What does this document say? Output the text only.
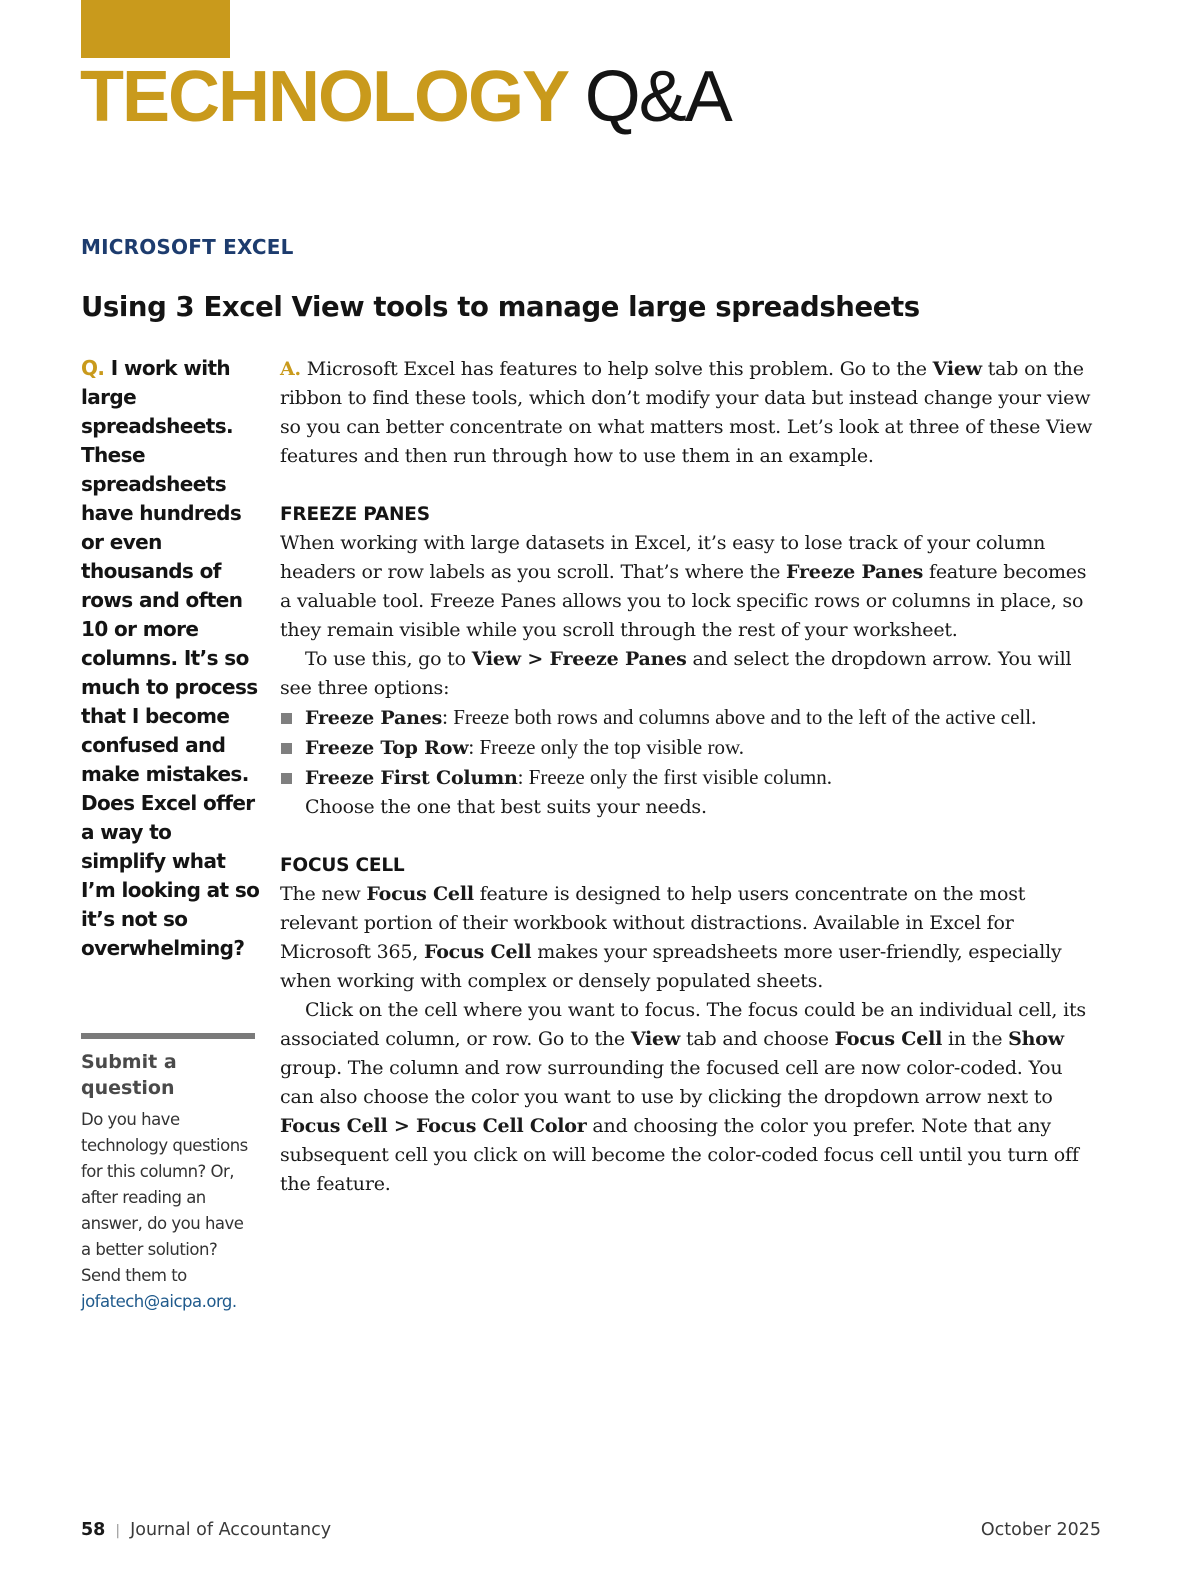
TECHNOLOGY Q&A
MICROSOFT EXCEL
Using 3 Excel View tools to manage large spreadsheets
Q. I work with large spreadsheets. These spreadsheets have hundreds or even thousands of rows and often 10 or more columns. It’s so much to process that I become confused and make mistakes. Does Excel offer a way to simplify what I’m looking at so it’s not so overwhelming?
Submit a question
Do you have technology questions for this column? Or, after reading an answer, do you have a better solution? Send them to jofatech@aicpa.org.

A. Microsoft Excel has features to help solve this problem. Go to the View tab on the ribbon to find these tools, which don’t modify your data but instead change your view so you can better concentrate on what matters most. Let’s look at three of these View features and then run through how to use them in an example.

FREEZE PANES

When working with large datasets in Excel, it’s easy to lose track of your column headers or row labels as you scroll. That’s where the Freeze Panes feature becomes a valuable tool. Freeze Panes allows you to lock specific rows or columns in place, so they remain visible while you scroll through the rest of your worksheet.

To use this, go to View > Freeze Panes and select the dropdown arrow. You will see three options:

Freeze Panes: Freeze both rows and columns above and to the left of the active cell.
Freeze Top Row: Freeze only the top visible row.
Freeze First Column: Freeze only the first visible column.

Choose the one that best suits your needs.

FOCUS CELL

The new Focus Cell feature is designed to help users concentrate on the most relevant portion of their workbook without distractions. Available in Excel for Microsoft 365, Focus Cell makes your spreadsheets more user-friendly, especially when working with complex or densely populated sheets.

Click on the cell where you want to focus. The focus could be an individual cell, its associated column, or row. Go to the View tab and choose Focus Cell in the Show group. The column and row surrounding the focused cell are now color-coded. You can also choose the color you want to use by clicking the dropdown arrow next to Focus Cell > Focus Cell Color and choosing the color you prefer. Note that any subsequent cell you click on will become the color-coded focus cell until you turn off the feature.

58 | Journal of Accountancy	October 2025
